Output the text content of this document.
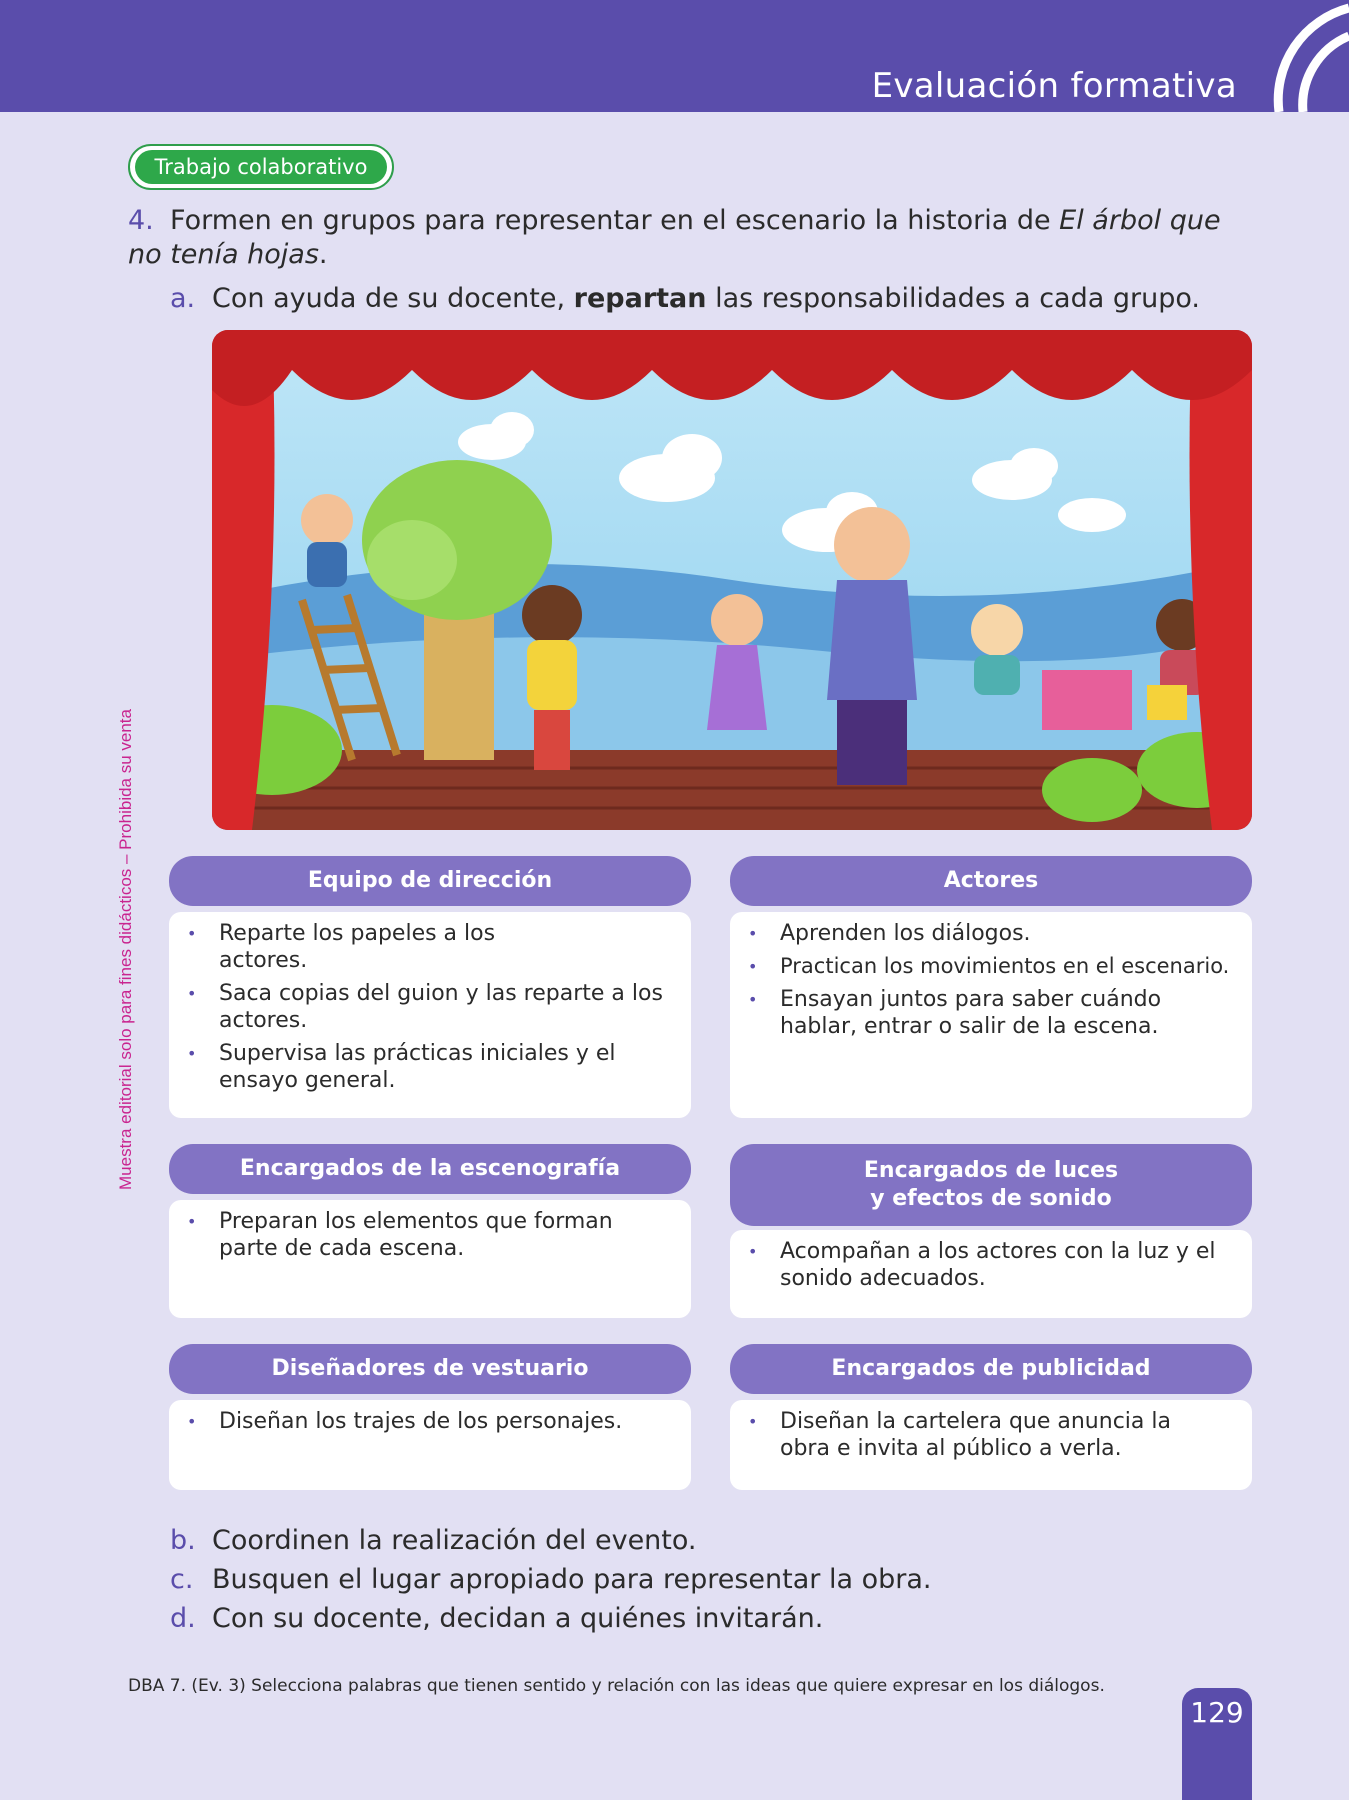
Evaluación formativa
Muestra editorial solo para fines didácticos – Prohibida su venta
Trabajo colaborativo
4. Formen en grupos para representar en el escenario la historia de El árbol que no tenía hojas.
a. Con ayuda de su docente, repartan las responsabilidades a cada grupo.
Equipo de dirección
• Reparte los papeles a los actores.
• Saca copias del guion y las reparte a los actores.
• Supervisa las prácticas iniciales y el ensayo general.
Actores
• Aprenden los diálogos.
• Practican los movimientos en el escenario.
• Ensayan juntos para saber cuándo hablar, entrar o salir de la escena.
Encargados de la escenografía
• Preparan los elementos que forman parte de cada escena.
Encargados de luces
y efectos de sonido
• Acompañan a los actores con la luz y el sonido adecuados.
Diseñadores de vestuario
• Diseñan los trajes de los personajes.
Encargados de publicidad
• Diseñan la cartelera que anuncia la obra e invita al público a verla.
b. Coordinen la realización del evento.
c. Busquen el lugar apropiado para representar la obra.
d. Con su docente, decidan a quiénes invitarán.
DBA 7. (Ev. 3) Selecciona palabras que tienen sentido y relación con las ideas que quiere expresar en los diálogos.
129
